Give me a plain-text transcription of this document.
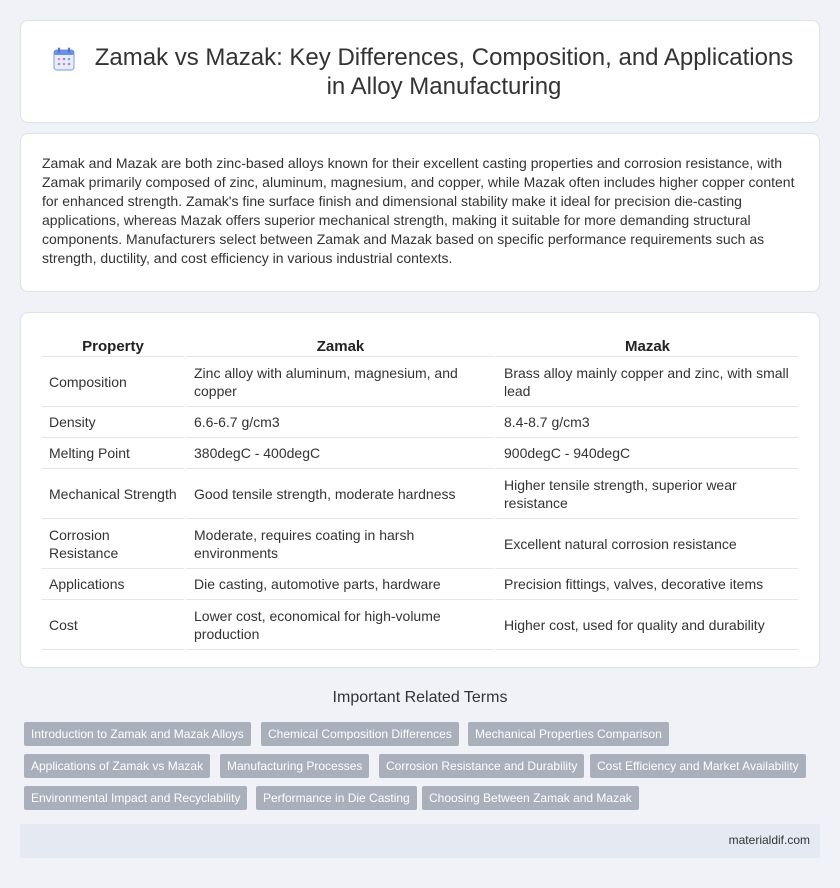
Zamak vs Mazak: Key Differences, Composition, and Applications in Alloy Manufacturing

Zamak and Mazak are both zinc-based alloys known for their excellent casting properties and corrosion resistance, with Zamak primarily composed of zinc, aluminum, magnesium, and copper, while Mazak often includes higher copper content for enhanced strength. Zamak's fine surface finish and dimensional stability make it ideal for precision die-casting applications, whereas Mazak offers superior mechanical strength, making it suitable for more demanding structural components. Manufacturers select between Zamak and Mazak based on specific performance requirements such as strength, ductility, and cost efficiency in various industrial contexts.

Property	Zamak	Mazak
Composition	Zinc alloy with aluminum, magnesium, and copper	Brass alloy mainly copper and zinc, with small lead
Density	6.6-6.7 g/cm3	8.4-8.7 g/cm3
Melting Point	380degC - 400degC	900degC - 940degC
Mechanical Strength	Good tensile strength, moderate hardness	Higher tensile strength, superior wear resistance
Corrosion Resistance	Moderate, requires coating in harsh environments	Excellent natural corrosion resistance
Applications	Die casting, automotive parts, hardware	Precision fittings, valves, decorative items
Cost	Lower cost, economical for high-volume production	Higher cost, used for quality and durability
Important Related Terms
Introduction to Zamak and Mazak Alloys	Chemical Composition Differences	Mechanical Properties Comparison
Applications of Zamak vs Mazak	Manufacturing Processes	Corrosion Resistance and Durability	Cost Efficiency and Market Availability
Environmental Impact and Recyclability	Performance in Die Casting	Choosing Between Zamak and Mazak
materialdif.com
